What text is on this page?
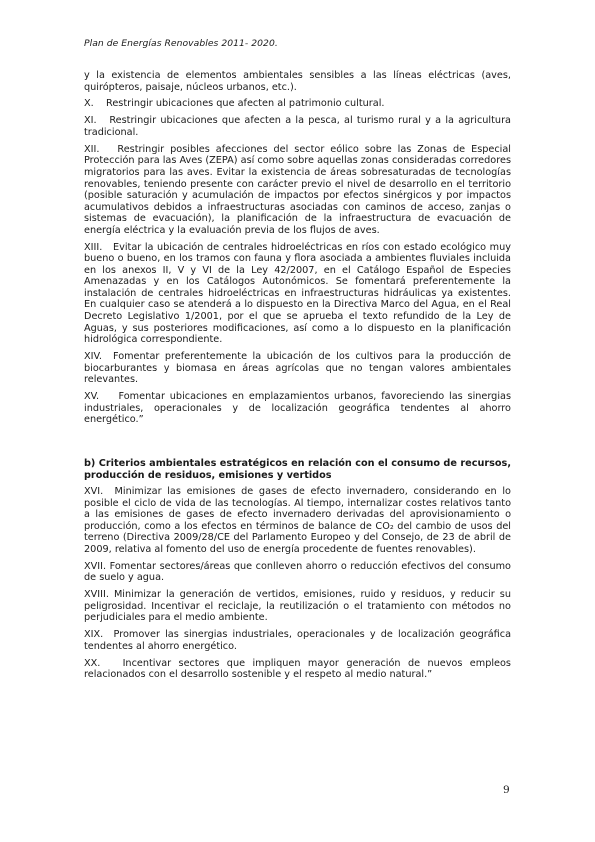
Plan de Energías Renovables 2011- 2020.

y la existencia de elementos ambientales sensibles a las líneas eléctricas (aves, quirópteros, paisaje, núcleos urbanos, etc.).

X. Restringir ubicaciones que afecten al patrimonio cultural.

XI. Restringir ubicaciones que afecten a la pesca, al turismo rural y a la agricultura tradicional.

XII. Restringir posibles afecciones del sector eólico sobre las Zonas de Especial Protección para las Aves (ZEPA) así como sobre aquellas zonas consideradas corredores migratorios para las aves. Evitar la existencia de áreas sobresaturadas de tecnologías renovables, teniendo presente con carácter previo el nivel de desarrollo en el territorio (posible saturación y acumulación de impactos por efectos sinérgicos y por impactos acumulativos debidos a infraestructuras asociadas con caminos de acceso, zanjas o sistemas de evacuación), la planificación de la infraestructura de evacuación de energía eléctrica y la evaluación previa de los flujos de aves.

XIII. Evitar la ubicación de centrales hidroeléctricas en ríos con estado ecológico muy bueno o bueno, en los tramos con fauna y flora asociada a ambientes fluviales incluida en los anexos II, V y VI de la Ley 42/2007, en el Catálogo Español de Especies Amenazadas y en los Catálogos Autonómicos. Se fomentará preferentemente la instalación de centrales hidroeléctricas en infraestructuras hidráulicas ya existentes. En cualquier caso se atenderá a lo dispuesto en la Directiva Marco del Agua, en el Real Decreto Legislativo 1/2001, por el que se aprueba el texto refundido de la Ley de Aguas, y sus posteriores modificaciones, así como a lo dispuesto en la planificación hidrológica correspondiente.

XIV. Fomentar preferentemente la ubicación de los cultivos para la producción de biocarburantes y biomasa en áreas agrícolas que no tengan valores ambientales relevantes.

XV. Fomentar ubicaciones en emplazamientos urbanos, favoreciendo las sinergias industriales, operacionales y de localización geográfica tendentes al ahorro energético.”

b) Criterios ambientales estratégicos en relación con el consumo de recursos, producción de residuos, emisiones y vertidos

XVI. Minimizar las emisiones de gases de efecto invernadero, considerando en lo posible el ciclo de vida de las tecnologías. Al tiempo, internalizar costes relativos tanto a las emisiones de gases de efecto invernadero derivadas del aprovisionamiento o producción, como a los efectos en términos de balance de CO₂ del cambio de usos del terreno (Directiva 2009/28/CE del Parlamento Europeo y del Consejo, de 23 de abril de 2009, relativa al fomento del uso de energía procedente de fuentes renovables).

XVII. Fomentar sectores/áreas que conlleven ahorro o reducción efectivos del consumo de suelo y agua.

XVIII. Minimizar la generación de vertidos, emisiones, ruido y residuos, y reducir su peligrosidad. Incentivar el reciclaje, la reutilización o el tratamiento con métodos no perjudiciales para el medio ambiente.

XIX. Promover las sinergias industriales, operacionales y de localización geográfica tendentes al ahorro energético.

XX. Incentivar sectores que impliquen mayor generación de nuevos empleos relacionados con el desarrollo sostenible y el respeto al medio natural.”

9
